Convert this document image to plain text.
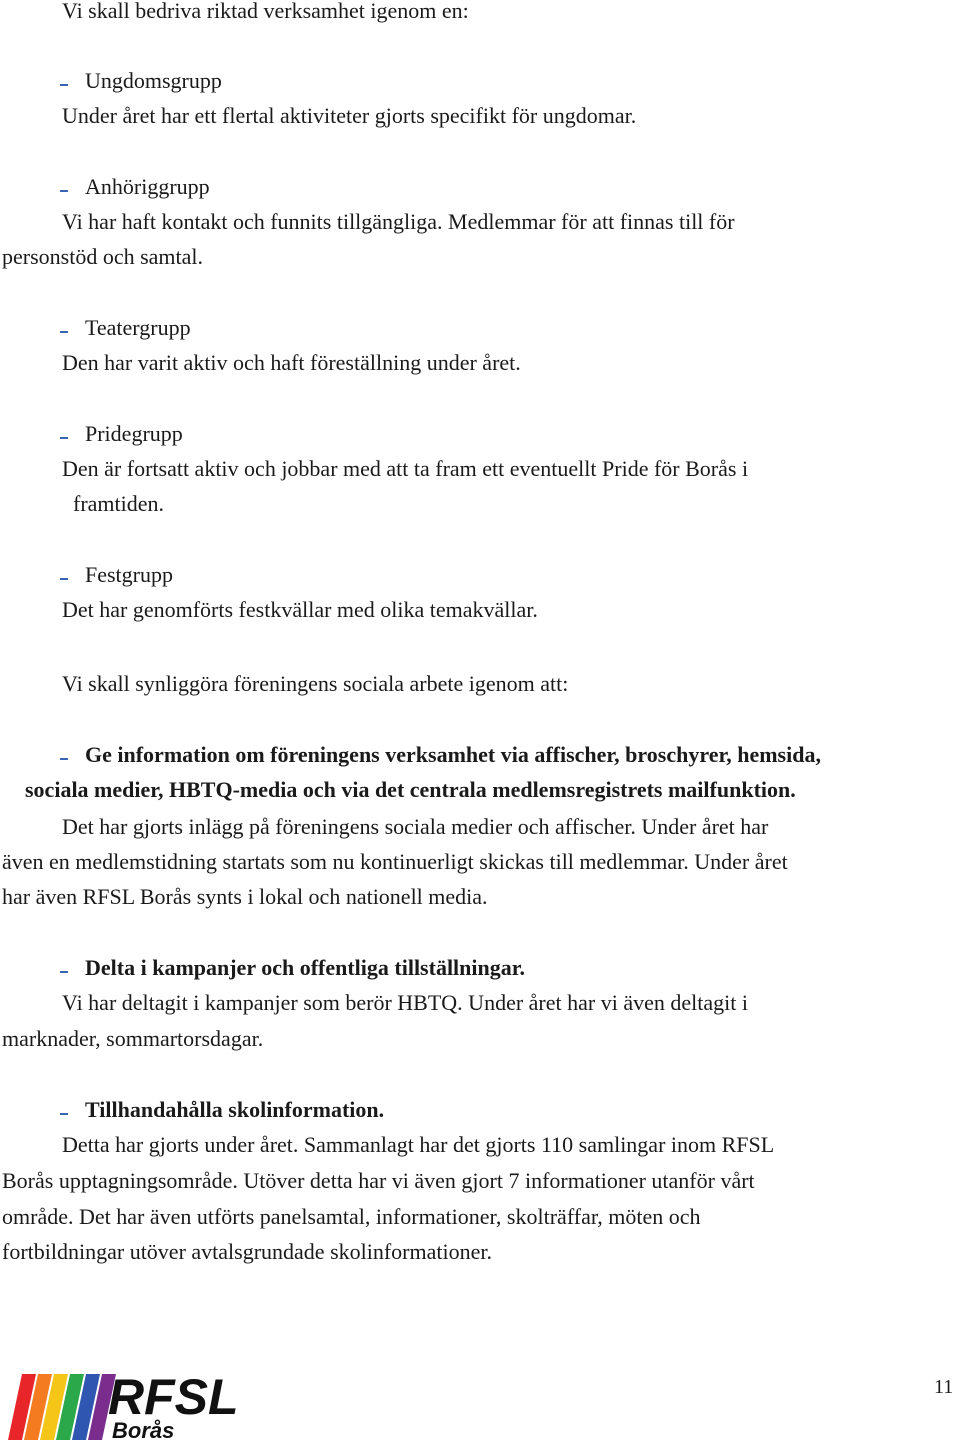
Vi skall bedriva riktad verksamhet igenom en:
Ungdomsgrupp
Under året har ett flertal aktiviteter gjorts specifikt för ungdomar.
Anhöriggrupp
Vi har haft kontakt och funnits tillgängliga. Medlemmar för att finnas till för
personstöd och samtal.
Teatergrupp
Den har varit aktiv och haft föreställning under året.
Pridegrupp
Den är fortsatt aktiv och jobbar med att ta fram ett eventuellt Pride för Borås i
framtiden.
Festgrupp
Det har genomförts festkvällar med olika temakvällar.
Vi skall synliggöra föreningens sociala arbete igenom att:
Ge information om föreningens verksamhet via affischer, broschyrer, hemsida,
sociala medier, HBTQ-media och via det centrala medlemsregistrets mailfunktion.
Det har gjorts inlägg på föreningens sociala medier och affischer. Under året har
även en medlemstidning startats som nu kontinuerligt skickas till medlemmar. Under året
har även RFSL Borås synts i lokal och nationell media.
Delta i kampanjer och offentliga tillställningar.
Vi har deltagit i kampanjer som berör HBTQ. Under året har vi även deltagit i
marknader, sommartorsdagar.
Tillhandahålla skolinformation.
Detta har gjorts under året. Sammanlagt har det gjorts 110 samlingar inom RFSL
Borås upptagningsområde. Utöver detta har vi även gjort 7 informationer utanför vårt
område. Det har även utförts panelsamtal, informationer, skolträffar, möten och
fortbildningar utöver avtalsgrundade skolinformationer.
RFSL
Borås
11
